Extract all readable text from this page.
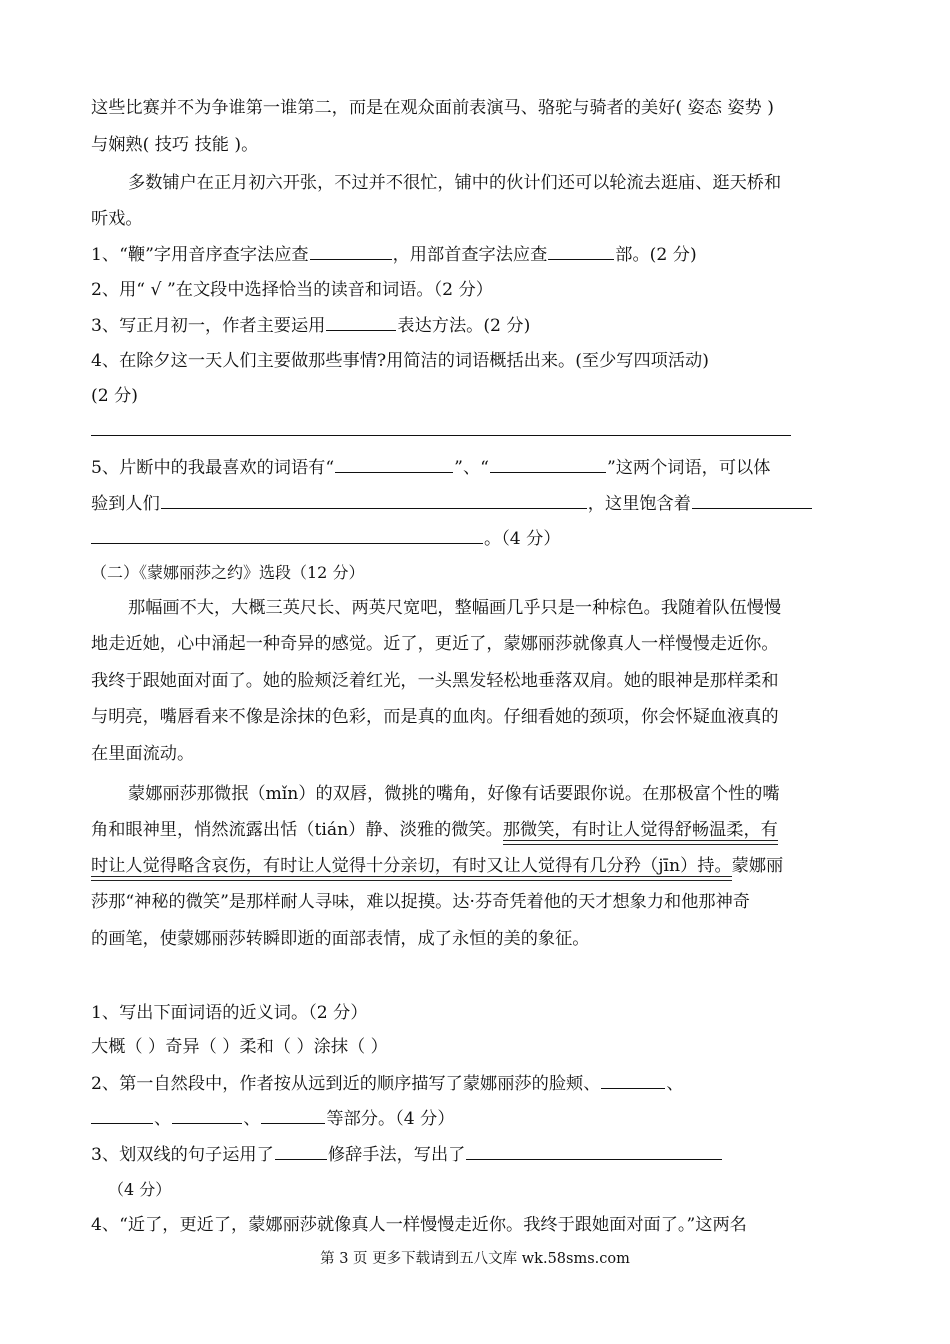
这些比赛并不为争谁第一谁第二，而是在观众面前表演马、骆驼与骑者的美好( 姿态 姿势 )
与娴熟( 技巧 技能 )。
多数铺户在正月初六开张，不过并不很忙，铺中的伙计们还可以轮流去逛庙、逛天桥和
听戏。
1、“鞭”字用音序查字法应查	，用部首查字法应查	部。(2 分)
2、用“ √ ”在文段中选择恰当的读音和词语。（2 分）
3、写正月初一，作者主要运用	表达方法。(2 分)
4、在除夕这一天人们主要做那些事情?用简洁的词语概括出来。(至少写四项活动)
(2 分)
5、片断中的我最喜欢的词语有“	”、“	”这两个词语，可以体
验到人们	，这里饱含着
。（4 分）
（二）《蒙娜丽莎之约》选段（12 分）
那幅画不大，大概三英尺长、两英尺宽吧，整幅画几乎只是一种棕色。我随着队伍慢慢
地走近她，心中涌起一种奇异的感觉。近了，更近了，蒙娜丽莎就像真人一样慢慢走近你。
我终于跟她面对面了。她的脸颊泛着红光，一头黑发轻松地垂落双肩。她的眼神是那样柔和
与明亮，嘴唇看来不像是涂抹的色彩，而是真的血肉。仔细看她的颈项，你会怀疑血液真的
在里面流动。
蒙娜丽莎那微抿（mǐn）的双唇，微挑的嘴角，好像有话要跟你说。在那极富个性的嘴
角和眼神里，悄然流露出恬（tián）静、淡雅的微笑。那微笑，有时让人觉得舒畅温柔，有
时让人觉得略含哀伤，有时让人觉得十分亲切，有时又让人觉得有几分矜（jīn）持。蒙娜丽
莎那“神秘的微笑”是那样耐人寻味，难以捉摸。达·芬奇凭着他的天才想象力和他那神奇
的画笔，使蒙娜丽莎转瞬即逝的面部表情，成了永恒的美的象征。
1、写出下面词语的近义词。（2 分）
大概（ ）奇异（ ）柔和（ ）涂抹（ ）
2、第一自然段中，作者按从远到近的顺序描写了蒙娜丽莎的脸颊、	、
、	、	等部分。（4 分）
3、划双线的句子运用了	修辞手法，写出了
（4 分）
4、“近了，更近了，蒙娜丽莎就像真人一样慢慢走近你。我终于跟她面对面了。”这两名
第 3 页 更多下载请到五八文库 wk.58sms.com
